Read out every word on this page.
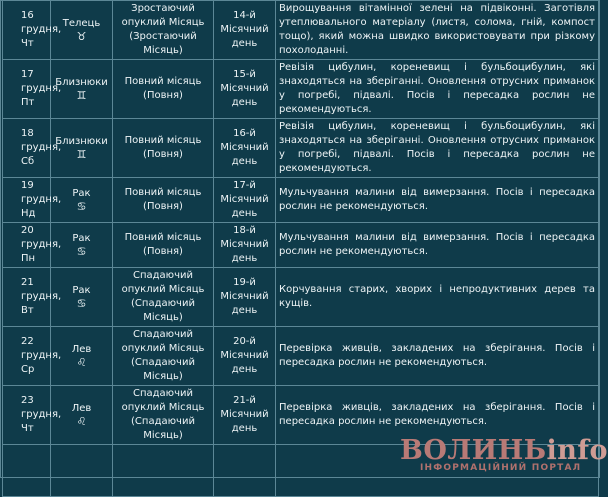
16
грудня,
Чт	Телець
♉	Зростаючий
опуклий Місяць
(Зростаючий
Місяць)	14-й
Місячний
день	Вирощування вітамінної зелені на підвіконні. Заготівля утеплювального матеріалу (листя, солома, гній, компост тощо), який можна швидко використовувати при різкому похолоданні.

17
грудня,
Пт	Близнюки
♊	Повний місяць
(Повня)	15-й
Місячний
день	Ревізія цибулин, кореневищ і бульбоцибулин, які знаходяться на зберіганні. Оновлення отрусних приманок у погребі, підвалі. Посів і пересадка рослин не рекомендуються.

18
грудня,
Сб	Близнюки
♊	Повний місяць
(Повня)	16-й
Місячний
день	Ревізія цибулин, кореневищ і бульбоцибулин, які знаходяться на зберіганні. Оновлення отрусних приманок у погребі, підвалі. Посів і пересадка рослин не рекомендуються.

19
грудня,
Нд	Рак
♋	Повний місяць
(Повня)	17-й
Місячний
день	Мульчування малини від вимерзання. Посів і пересадка рослин не рекомендуються.

20
грудня,
Пн	Рак
♋	Повний місяць
(Повня)	18-й
Місячний
день	Мульчування малини від вимерзання. Посів і пересадка рослин не рекомендуються.

21
грудня,
Вт	Рак
♋	Спадаючий
опуклий Місяць
(Спадаючий
Місяць)	19-й
Місячний
день	Корчування старих, хворих і непродуктивних дерев та кущів.

22
грудня,
Ср	Лев
♌	Спадаючий
опуклий Місяць
(Спадаючий
Місяць)	20-й
Місячний
день	Перевірка живців, закладених на зберігання. Посів і пересадка рослин не рекомендуються.

23
грудня,
Чт	Лев
♌	Спадаючий
опуклий Місяць
(Спадаючий
Місяць)	21-й
Місячний
день	Перевірка живців, закладених на зберігання. Посів і пересадка рослин не рекомендуються.

ВОЛИНЬinfo
ІНФОРМАЦІЙНИЙ ПОРТАЛ
